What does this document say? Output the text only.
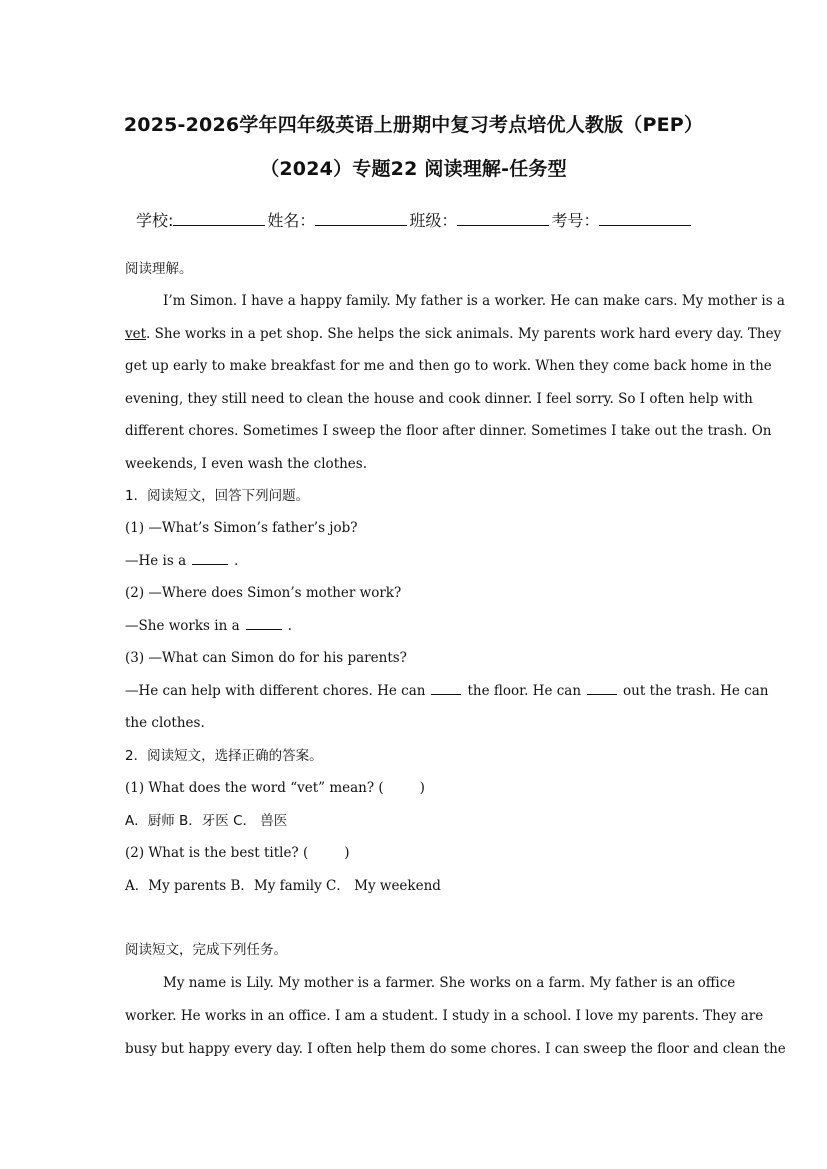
2025-2026学年四年级英语上册期中复习考点培优人教版（PEP）
（2024）专题22 阅读理解-任务型
学校:	姓名：	班级：	考号：
阅读理解。
I’m Simon. I have a happy family. My father is a worker. He can make cars. My mother is a
vet. She works in a pet shop. She helps the sick animals. My parents work hard every day. They
get up early to make breakfast for me and then go to work. When they come back home in the
evening, they still need to clean the house and cook dinner. I feel sorry. So I often help with
different chores. Sometimes I sweep the floor after dinner. Sometimes I take out the trash. On
weekends, I even wash the clothes.
1．阅读短文，回答下列问题。
(1) —What’s Simon’s father’s job?
—He is a	.
(2) —Where does Simon’s mother work?
—She works in a	.
(3) —What can Simon do for his parents?
—He can help with different chores. He can	the floor. He can	out the trash. He can
the clothes.
2．阅读短文，选择正确的答案。
(1) What does the word “vet” mean? (	)
A．厨师 B．牙医 C． 兽医
(2) What is the best title? (	)
A．My parents B．My family C． My weekend
阅读短文，完成下列任务。
My name is Lily. My mother is a farmer. She works on a farm. My father is an office
worker. He works in an office. I am a student. I study in a school. I love my parents. They are
busy but happy every day. I often help them do some chores. I can sweep the floor and clean the
